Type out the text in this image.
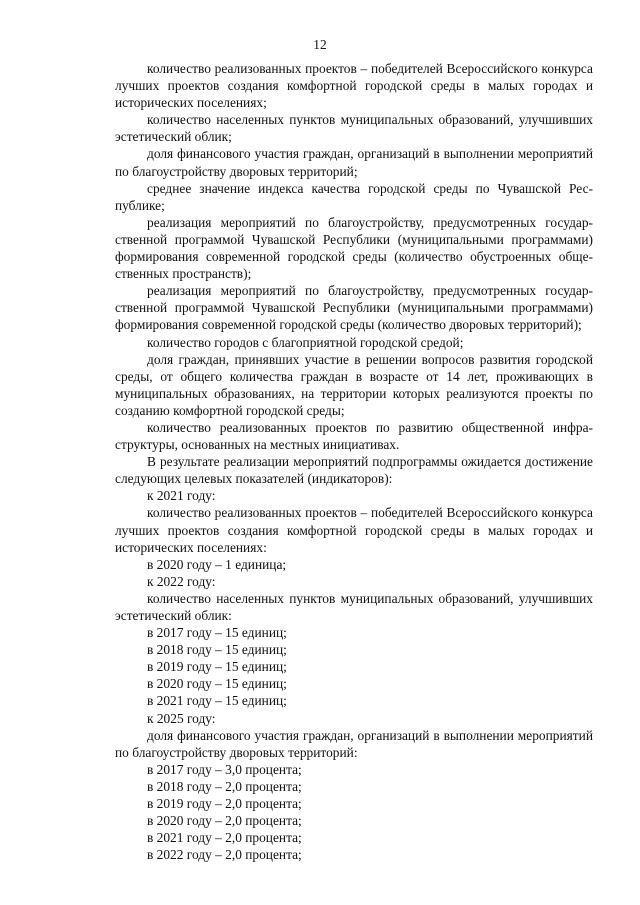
12

количество реализованных проектов – победителей Всероссийского конкурса лучших проектов создания комфортной городской среды в малых городах и исторических поселениях;

количество населенных пунктов муниципальных образований, улучшивших эстетический облик;

доля финансового участия граждан, организаций в выполнении мероприятий по благоустройству дворовых территорий;

среднее значение индекса качества городской среды по Чувашской Республике;

реализация мероприятий по благоустройству, предусмотренных государственной программой Чувашской Республики (муниципальными программами) формирования современной городской среды (количество обустроенных общественных пространств);

реализация мероприятий по благоустройству, предусмотренных государственной программой Чувашской Республики (муниципальными программами) формирования современной городской среды (количество дворовых территорий);

количество городов с благоприятной городской средой;

доля граждан, принявших участие в решении вопросов развития городской среды, от общего количества граждан в возрасте от 14 лет, проживающих в муниципальных образованиях, на территории которых реализуются проекты по созданию комфортной городской среды;

количество реализованных проектов по развитию общественной инфраструктуры, основанных на местных инициативах.

В результате реализации мероприятий подпрограммы ожидается достижение следующих целевых показателей (индикаторов):

к 2021 году:

количество реализованных проектов – победителей Всероссийского конкурса лучших проектов создания комфортной городской среды в малых городах и исторических поселениях:

в 2020 году – 1 единица;

к 2022 году:

количество населенных пунктов муниципальных образований, улучшивших эстетический облик:

в 2017 году – 15 единиц;

в 2018 году – 15 единиц;

в 2019 году – 15 единиц;

в 2020 году – 15 единиц;

в 2021 году – 15 единиц;

к 2025 году:

доля финансового участия граждан, организаций в выполнении мероприятий по благоустройству дворовых территорий:

в 2017 году – 3,0 процента;

в 2018 году – 2,0 процента;

в 2019 году – 2,0 процента;

в 2020 году – 2,0 процента;

в 2021 году – 2,0 процента;

в 2022 году – 2,0 процента;
